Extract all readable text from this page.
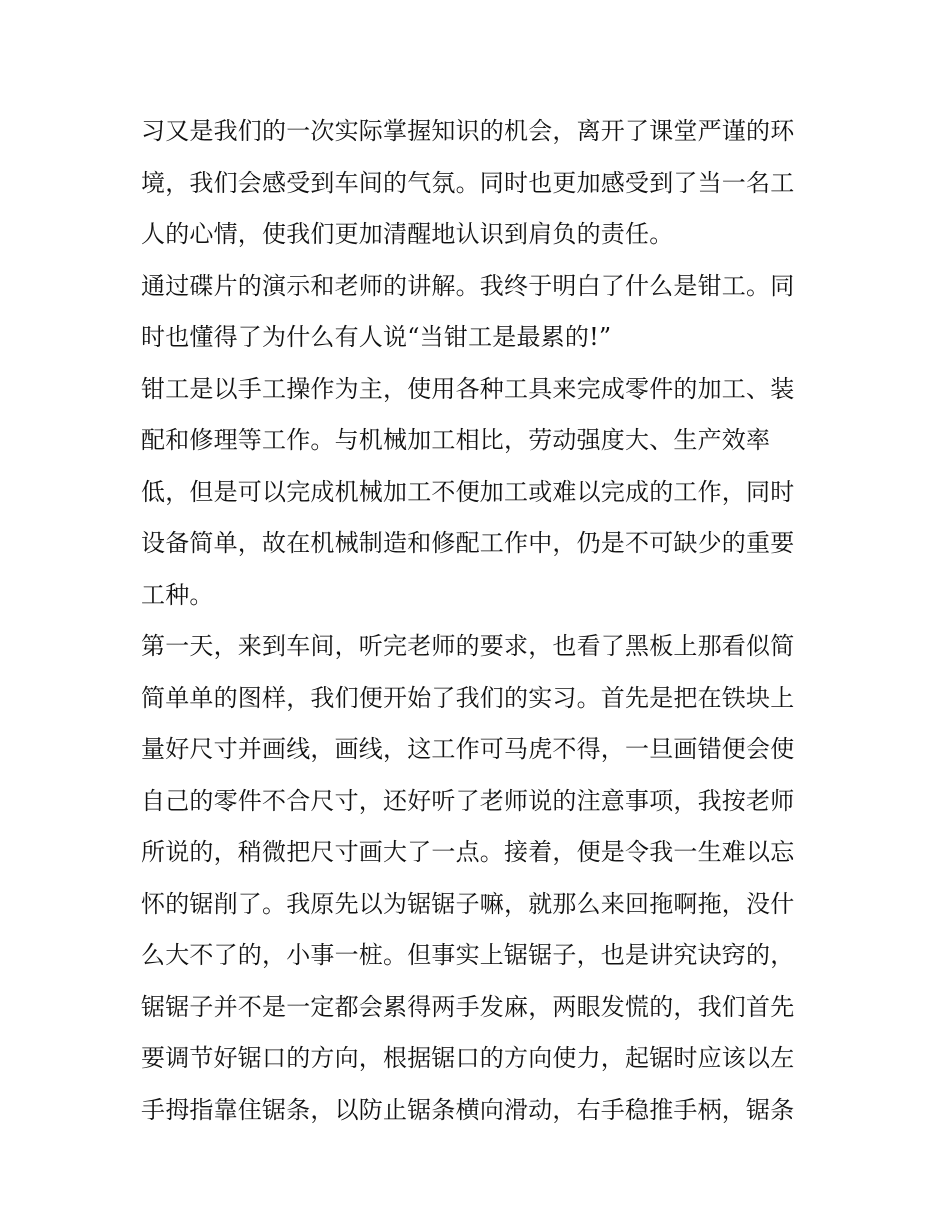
习又是我们的一次实际掌握知识的机会，离开了课堂严谨的环
境，我们会感受到车间的气氛。同时也更加感受到了当一名工
人的心情，使我们更加清醒地认识到肩负的责任。
通过碟片的演示和老师的讲解。我终于明白了什么是钳工。同
时也懂得了为什么有人说“当钳工是最累的!”
钳工是以手工操作为主，使用各种工具来完成零件的加工、装
配和修理等工作。与机械加工相比，劳动强度大、生产效率
低，但是可以完成机械加工不便加工或难以完成的工作，同时
设备简单，故在机械制造和修配工作中，仍是不可缺少的重要
工种。
第一天，来到车间，听完老师的要求，也看了黑板上那看似简
简单单的图样，我们便开始了我们的实习。首先是把在铁块上
量好尺寸并画线，画线，这工作可马虎不得，一旦画错便会使
自己的零件不合尺寸，还好听了老师说的注意事项，我按老师
所说的，稍微把尺寸画大了一点。接着，便是令我一生难以忘
怀的锯削了。我原先以为锯锯子嘛，就那么来回拖啊拖，没什
么大不了的，小事一桩。但事实上锯锯子，也是讲究诀窍的，
锯锯子并不是一定都会累得两手发麻，两眼发慌的，我们首先
要调节好锯口的方向，根据锯口的方向使力，起锯时应该以左
手拇指靠住锯条，以防止锯条横向滑动，右手稳推手柄，锯条
